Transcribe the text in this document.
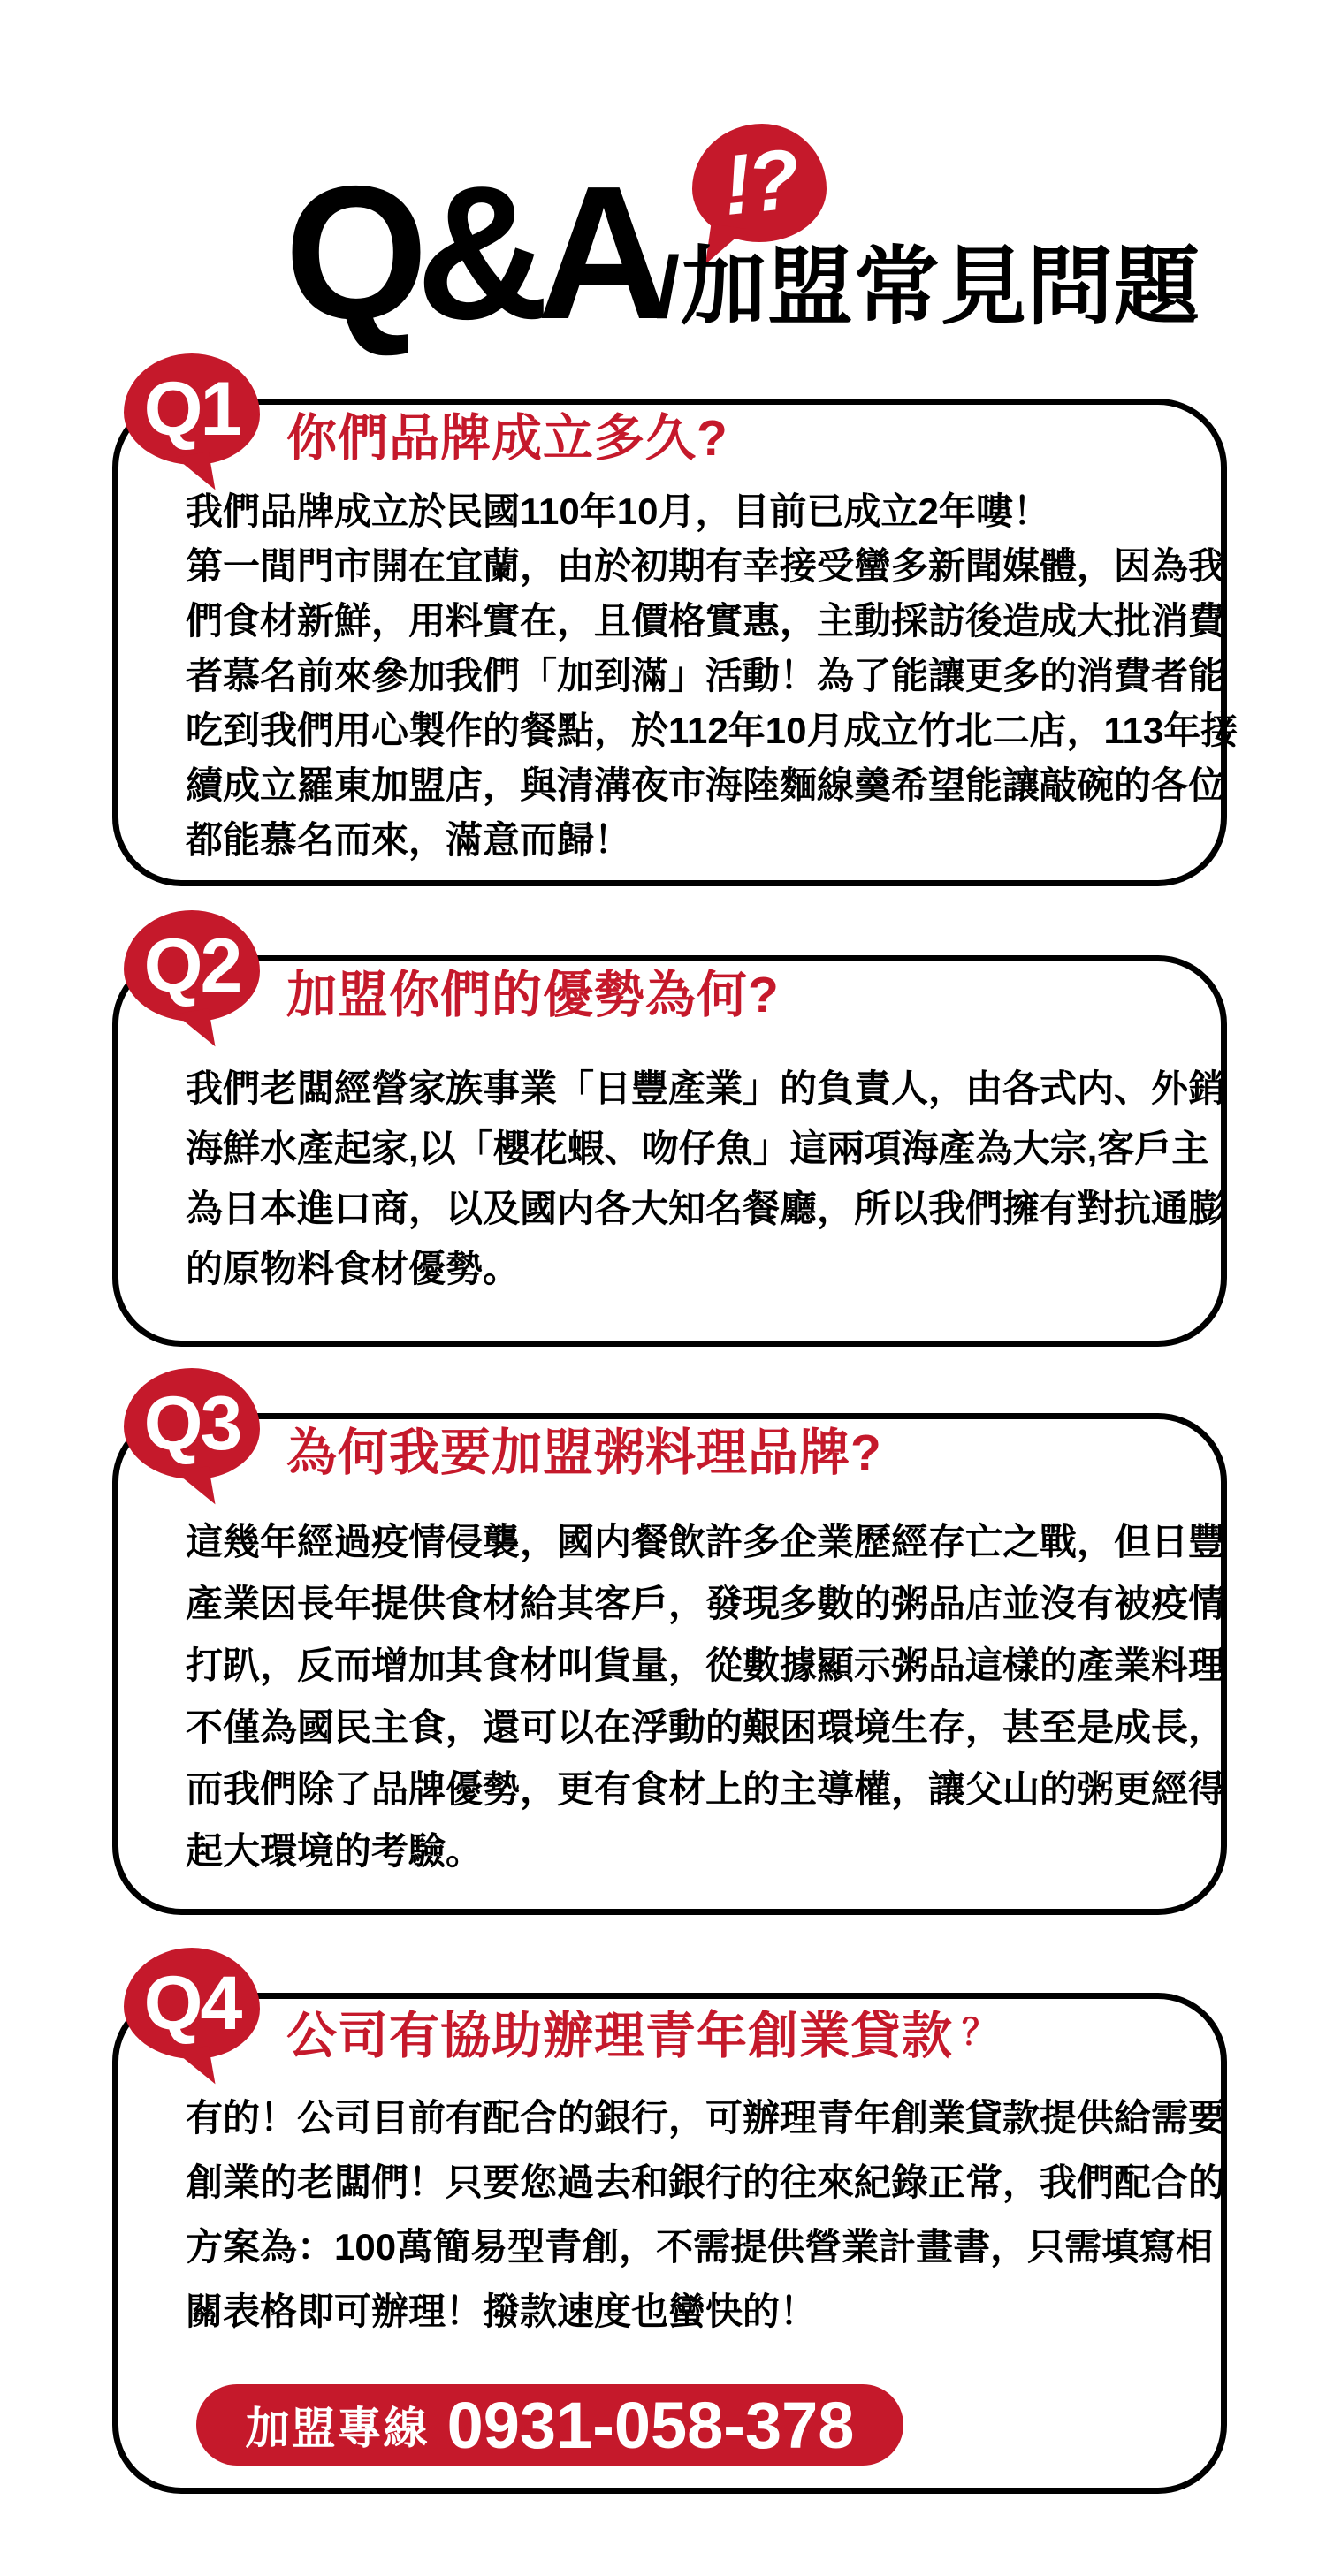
Q&A !?
/加盟常見問題
Q1 你們品牌成立多久?
我們品牌成立於民國110年10月，目前已成立2年嘍！
第一間門市開在宜蘭，由於初期有幸接受蠻多新聞媒體，因為我
們食材新鮮，用料實在，且價格實惠，主動採訪後造成大批消費
者慕名前來參加我們「加到滿」活動！為了能讓更多的消費者能
吃到我們用心製作的餐點，於112年10月成立竹北二店，113年接
續成立羅東加盟店，與清溝夜市海陸麵線羹希望能讓敲碗的各位
都能慕名而來，滿意而歸！
Q2 加盟你們的優勢為何?
我們老闆經營家族事業「日豐產業」的負責人，由各式内、外銷
海鮮水產起家,以「櫻花蝦、吻仔魚」這兩項海產為大宗,客戶主
為日本進口商，以及國内各大知名餐廳，所以我們擁有對抗通膨
的原物料食材優勢。
Q3 為何我要加盟粥料理品牌?
這幾年經過疫情侵襲，國内餐飲許多企業歷經存亡之戰，但日豐
產業因長年提供食材給其客戶，發現多數的粥品店並沒有被疫情
打趴，反而增加其食材叫貨量，從數據顯示粥品這樣的產業料理
不僅為國民主食，還可以在浮動的艱困環境生存，甚至是成長，
而我們除了品牌優勢，更有食材上的主導權，讓父山的粥更經得
起大環境的考驗。
Q4 公司有協助辦理青年創業貸款 ？
有的！公司目前有配合的銀行，可辦理青年創業貸款提供給需要
創業的老闆們！只要您過去和銀行的往來紀錄正常，我們配合的
方案為：100萬簡易型青創，不需提供營業計畫書，只需填寫相
關表格即可辦理！撥款速度也蠻快的！
加盟專線 0931-058-378
